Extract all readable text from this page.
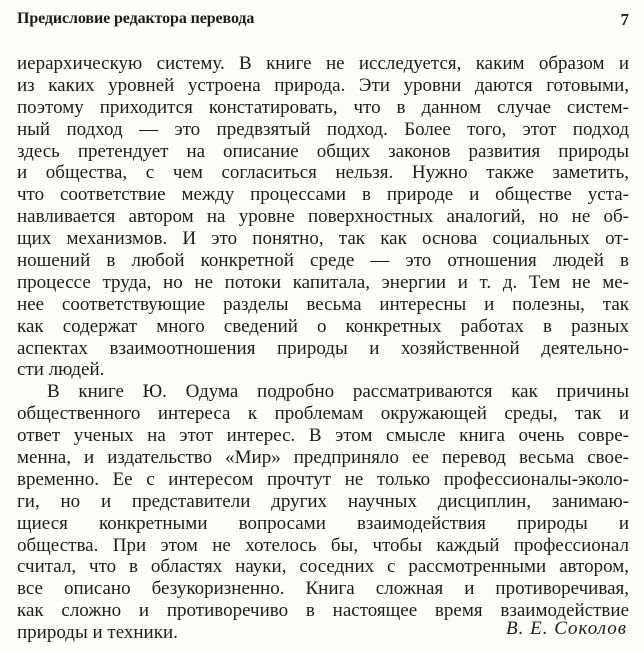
Предисловие редактора перевода	7
иерархическую систему. В книге не исследуется, каким образом и
из каких уровней устроена природа. Эти уровни даются готовыми,
поэтому приходится констатировать, что в данном случае систем-
ный подход — это предвзятый подход. Более того, этот подход
здесь претендует на описание общих законов развития природы
и общества, с чем согласиться нельзя. Нужно также заметить,
что соответствие между процессами в природе и обществе уста-
навливается автором на уровне поверхностных аналогий, но не об-
щих механизмов. И это понятно, так как основа социальных от-
ношений в любой конкретной среде — это отношения людей в
процессе труда, но не потоки капитала, энергии и т. д. Тем не ме-
нее соответствующие разделы весьма интересны и полезны, так
как содержат много сведений о конкретных работах в разных
аспектах взаимоотношения природы и хозяйственной деятельно-
сти людей.
В книге Ю. Одума подробно рассматриваются как причины
общественного интереса к проблемам окружающей среды, так и
ответ ученых на этот интерес. В этом смысле книга очень совре-
менна, и издательство «Мир» предприняло ее перевод весьма свое-
временно. Ее с интересом прочтут не только профессионалы-эколо-
ги, но и представители других научных дисциплин, занимаю-
щиеся конкретными вопросами взаимодействия природы и
общества. При этом не хотелось бы, чтобы каждый профессионал
считал, что в областях науки, соседних с рассмотренными автором,
все описано безукоризненно. Книга сложная и противоречивая,
как сложно и противоречиво в настоящее время взаимодействие
природы и техники.	В. Е. Соколов
